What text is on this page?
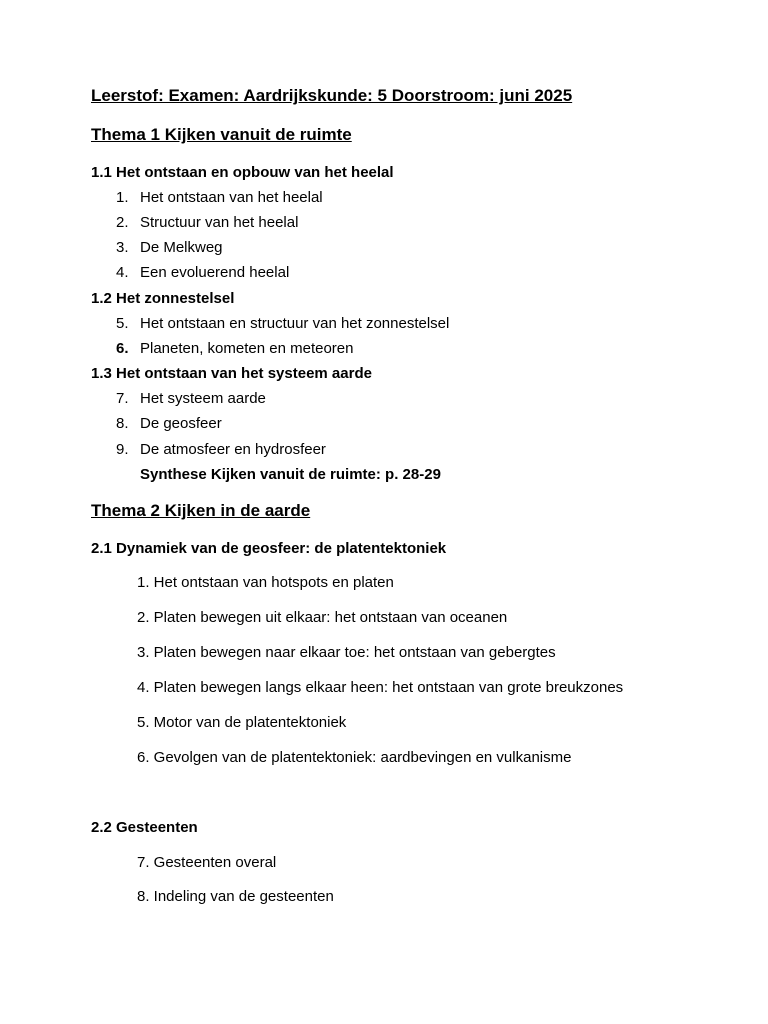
Leerstof: Examen: Aardrijkskunde: 5 Doorstroom: juni 2025
Thema 1 Kijken vanuit de ruimte
1.1 Het ontstaan en opbouw van het heelal
1. Het ontstaan van het heelal
2. Structuur van het heelal
3. De Melkweg
4. Een evoluerend heelal
1.2 Het zonnestelsel
5. Het ontstaan en structuur van het zonnestelsel
6. Planeten, kometen en meteoren
1.3 Het ontstaan van het systeem aarde
7. Het systeem aarde
8. De geosfeer
9. De atmosfeer en hydrosfeer
Synthese Kijken vanuit de ruimte: p. 28-29
Thema 2 Kijken in de aarde
2.1 Dynamiek van de geosfeer: de platentektoniek
1. Het ontstaan van hotspots en platen
2. Platen bewegen uit elkaar: het ontstaan van oceanen
3. Platen bewegen naar elkaar toe: het ontstaan van gebergtes
4. Platen bewegen langs elkaar heen: het ontstaan van grote breukzones
5. Motor van de platentektoniek
6. Gevolgen van de platentektoniek: aardbevingen en vulkanisme
2.2 Gesteenten
7. Gesteenten overal
8. Indeling van de gesteenten
